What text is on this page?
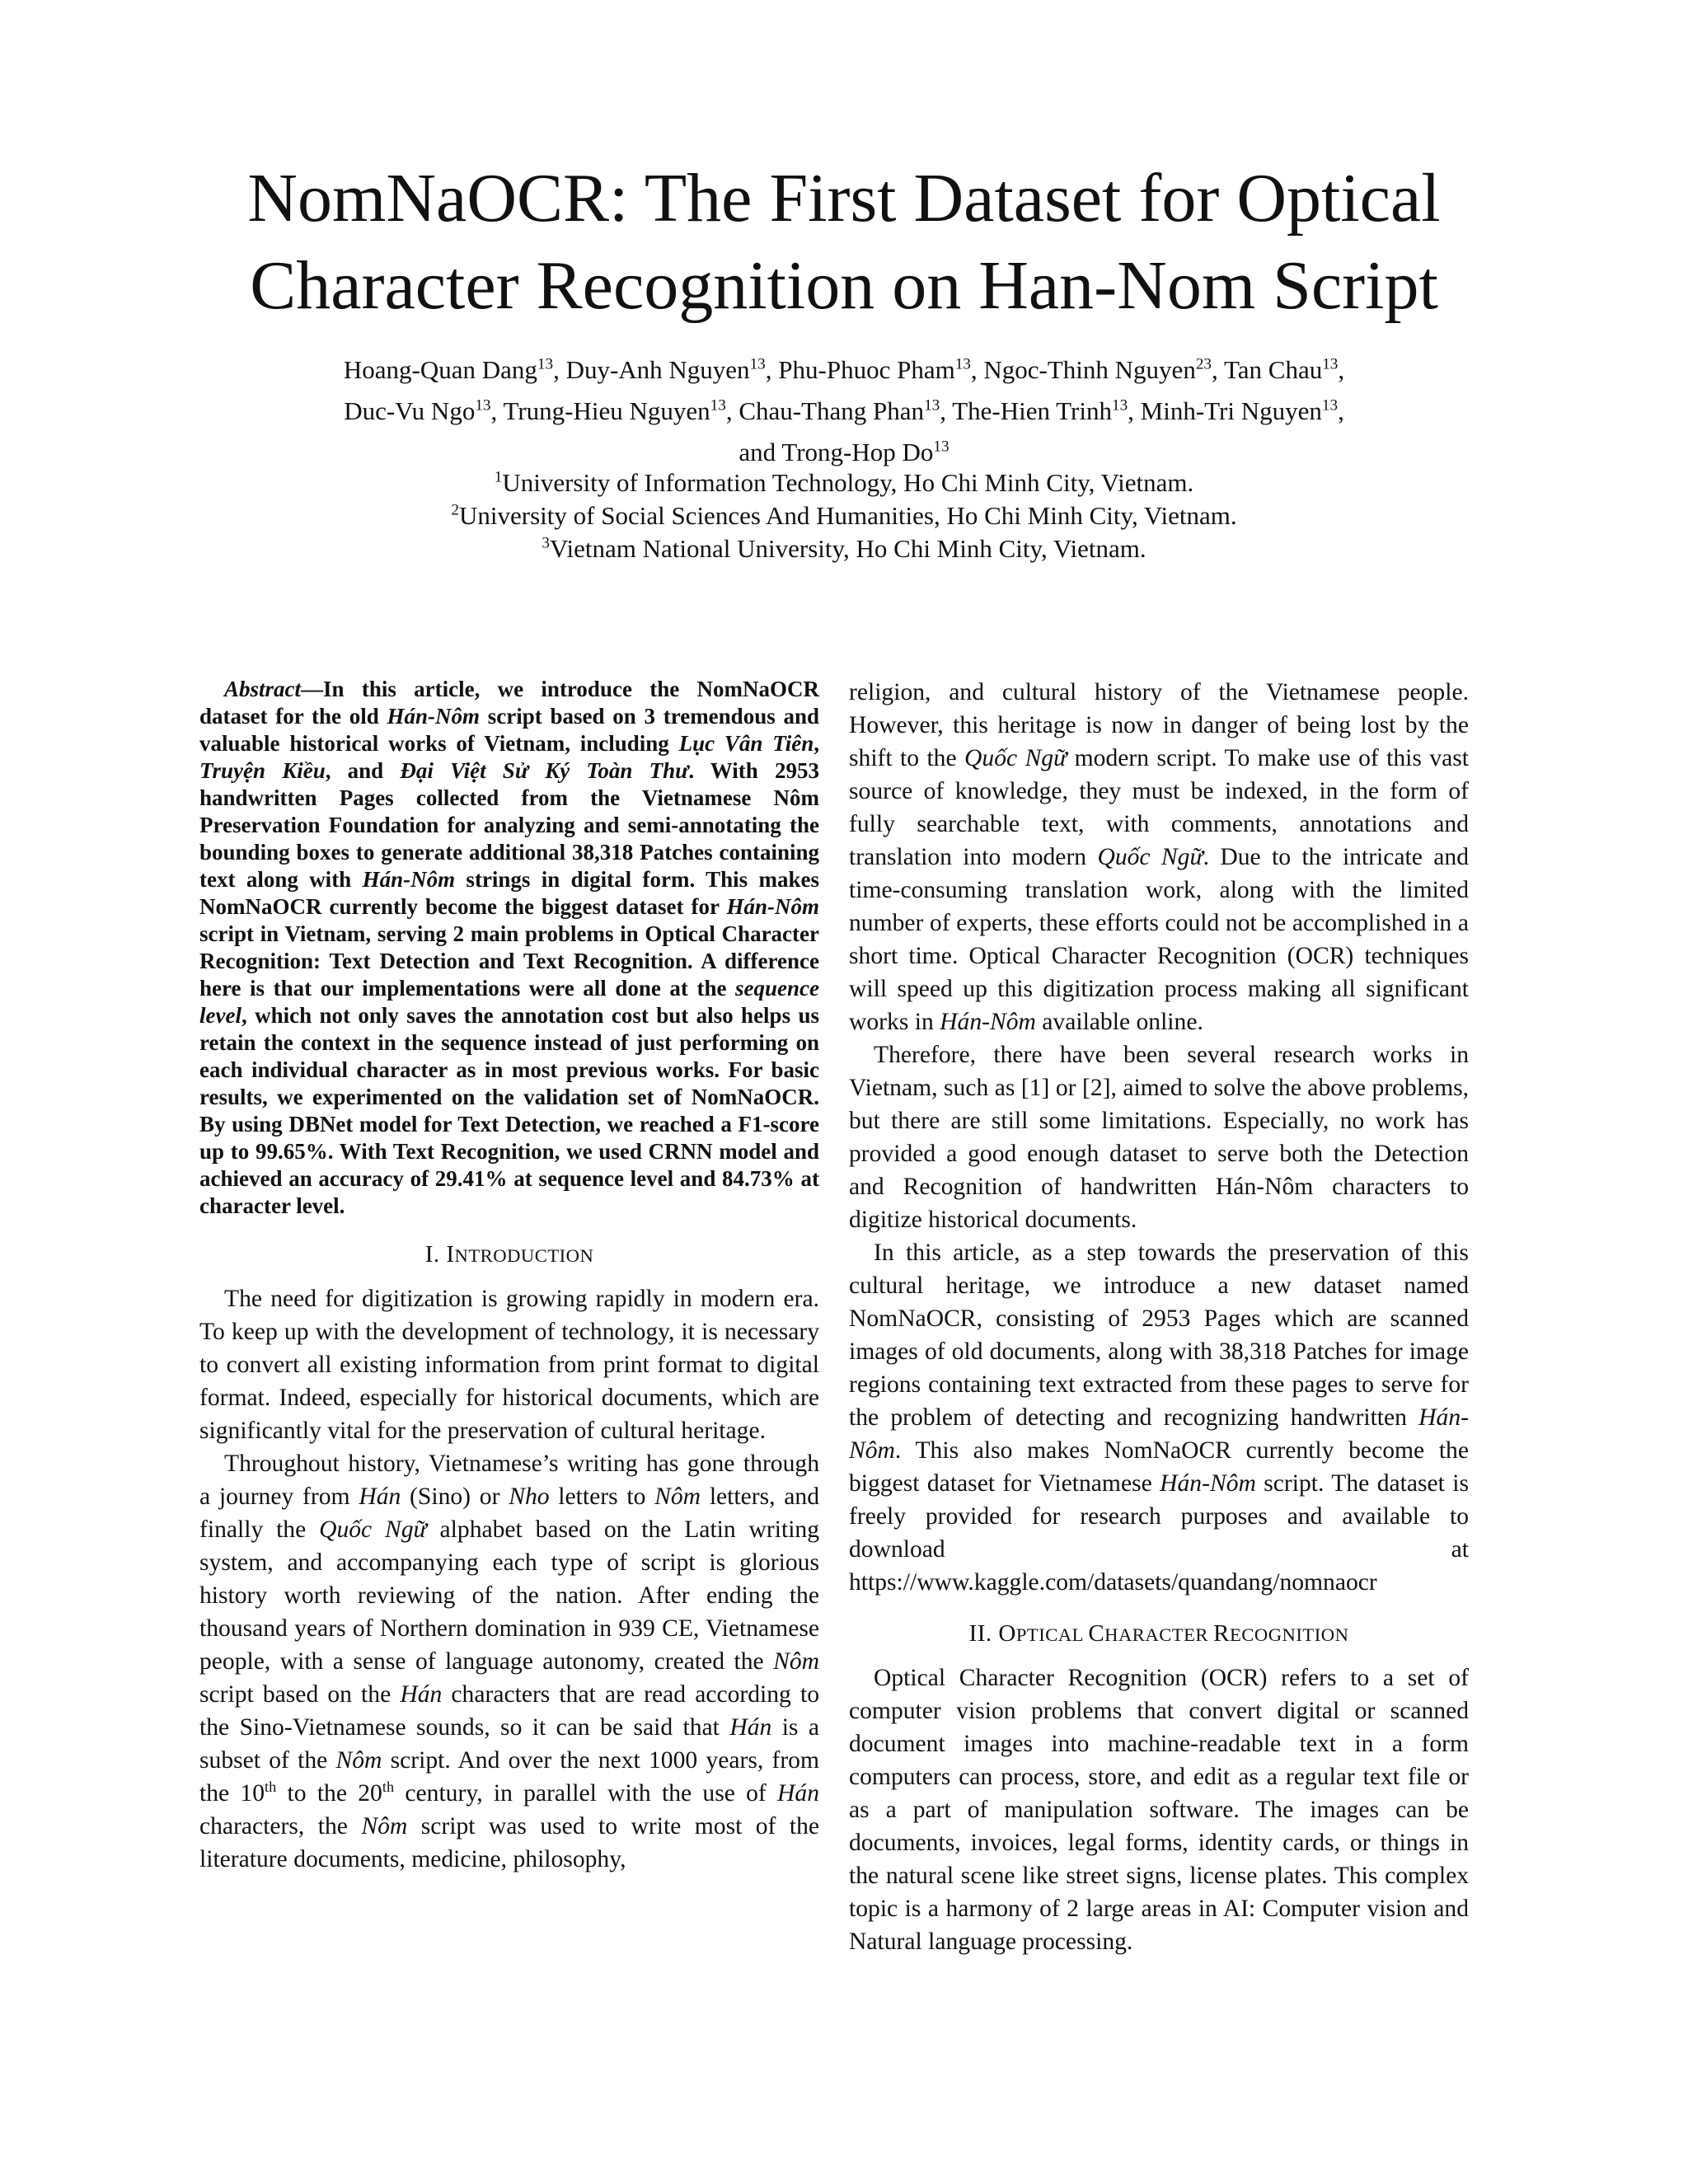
NomNaOCR: The First Dataset for Optical
Character Recognition on Han-Nom Script
Hoang-Quan Dang$^{13}$, Duy-Anh Nguyen$^{13}$, Phu-Phuoc Pham$^{13}$, Ngoc-Thinh Nguyen$^{23}$, Tan Chau$^{13}$,
Duc-Vu Ngo$^{13}$, Trung-Hieu Nguyen$^{13}$, Chau-Thang Phan$^{13}$, The-Hien Trinh$^{13}$, Minh-Tri Nguyen$^{13}$,
and Trong-Hop Do$^{13}$
$^1$University of Information Technology, Ho Chi Minh City, Vietnam.
$^2$University of Social Sciences And Humanities, Ho Chi Minh City, Vietnam.
$^3$Vietnam National University, Ho Chi Minh City, Vietnam.

Abstract—In this article, we introduce the NomNaOCR dataset for the old Hán-Nôm script based on 3 tremendous and valuable historical works of Vietnam, including Lục Vân Tiên, Truyện Kiều, and Đại Việt Sử Ký Toàn Thư. With 2953 handwritten Pages collected from the Vietnamese Nôm Preservation Foundation for analyzing and semi-annotating the bounding boxes to generate additional 38,318 Patches containing text along with Hán-Nôm strings in digital form. This makes NomNaOCR currently become the biggest dataset for Hán-Nôm script in Vietnam, serving 2 main problems in Optical Character Recognition: Text Detection and Text Recognition. A difference here is that our implementations were all done at the sequence level, which not only saves the annotation cost but also helps us retain the context in the sequence instead of just performing on each individual character as in most previous works. For basic results, we experimented on the validation set of NomNaOCR. By using DBNet model for Text Detection, we reached a F1-score up to 99.65%. With Text Recognition, we used CRNN model and achieved an accuracy of 29.41% at sequence level and 84.73% at character level.

I. INTRODUCTION

The need for digitization is growing rapidly in modern era. To keep up with the development of technology, it is necessary to convert all existing information from print format to digital format. Indeed, especially for historical documents, which are significantly vital for the preservation of cultural heritage.

Throughout history, Vietnamese’s writing has gone through a journey from Hán (Sino) or Nho letters to Nôm letters, and finally the Quốc Ngữ alphabet based on the Latin writing system, and accompanying each type of script is glorious history worth reviewing of the nation. After ending the thousand years of Northern domination in 939 CE, Vietnamese people, with a sense of language autonomy, created the Nôm script based on the Hán characters that are read according to the Sino-Vietnamese sounds, so it can be said that Hán is a subset of the Nôm script. And over the next 1000 years, from the 10th to the 20th century, in parallel with the use of Hán characters, the Nôm script was used to write most of the literature documents, medicine, philosophy,

religion, and cultural history of the Vietnamese people. However, this heritage is now in danger of being lost by the shift to the Quốc Ngữ modern script. To make use of this vast source of knowledge, they must be indexed, in the form of fully searchable text, with comments, annotations and translation into modern Quốc Ngữ. Due to the intricate and time-consuming translation work, along with the limited number of experts, these efforts could not be accomplished in a short time. Optical Character Recognition (OCR) techniques will speed up this digitization process making all significant works in Hán-Nôm available online.

Therefore, there have been several research works in Vietnam, such as [1] or [2], aimed to solve the above problems, but there are still some limitations. Especially, no work has provided a good enough dataset to serve both the Detection and Recognition of handwritten Hán-Nôm characters to digitize historical documents.

In this article, as a step towards the preservation of this cultural heritage, we introduce a new dataset named NomNaOCR, consisting of 2953 Pages which are scanned images of old documents, along with 38,318 Patches for image regions containing text extracted from these pages to serve for the problem of detecting and recognizing handwritten Hán-Nôm. This also makes NomNaOCR currently become the biggest dataset for Vietnamese Hán-Nôm script. The dataset is freely provided for research purposes and available to download at https://www.kaggle.com/datasets/quandang/nomnaocr

II. OPTICAL CHARACTER RECOGNITION

Optical Character Recognition (OCR) refers to a set of computer vision problems that convert digital or scanned document images into machine-readable text in a form computers can process, store, and edit as a regular text file or as a part of manipulation software. The images can be documents, invoices, legal forms, identity cards, or things in the natural scene like street signs, license plates. This complex topic is a harmony of 2 large areas in AI: Computer vision and Natural language processing.
